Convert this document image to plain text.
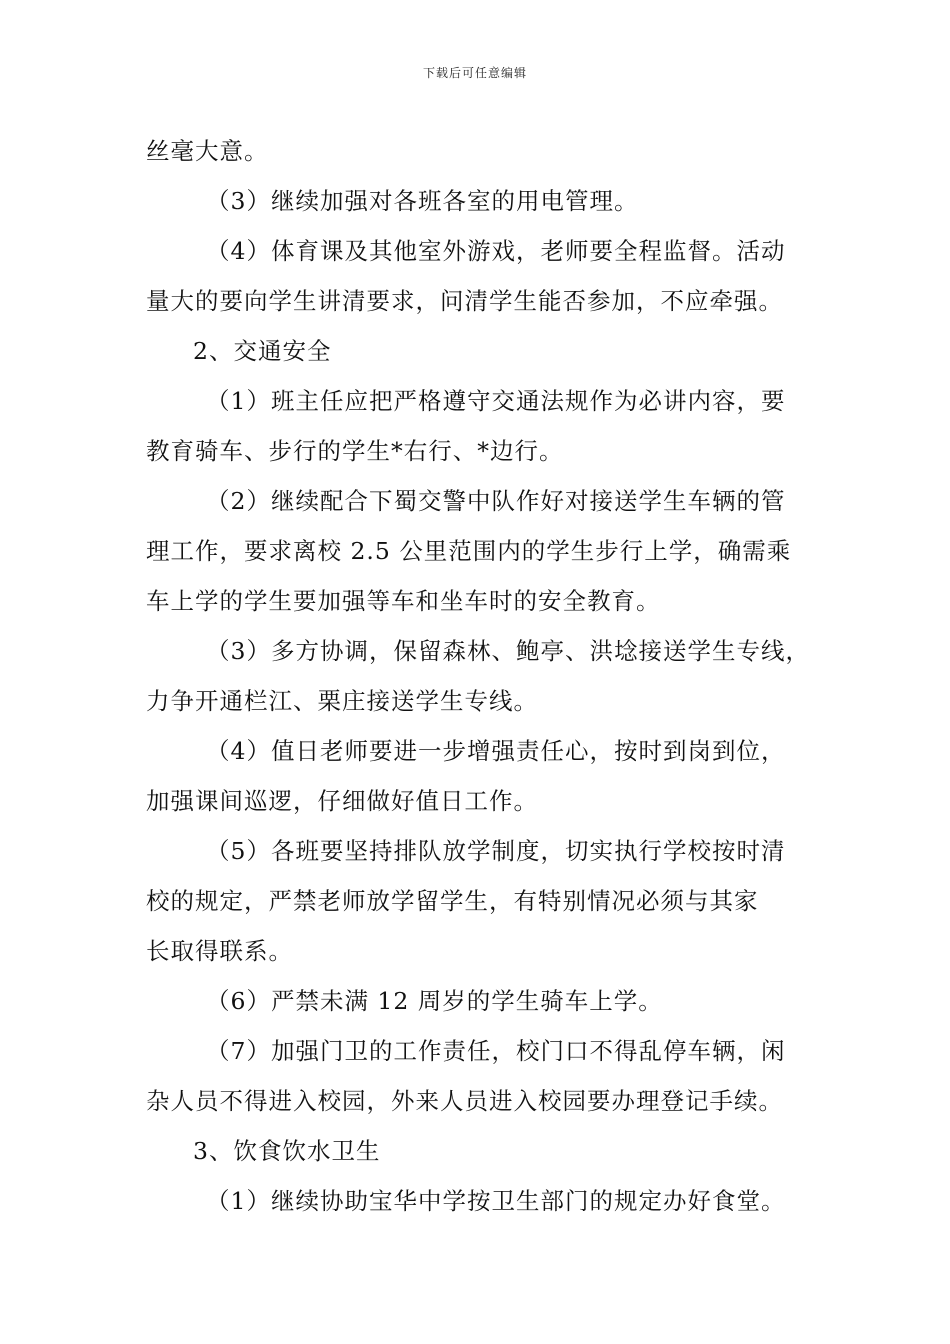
下载后可任意编辑
丝毫大意。
（3）继续加强对各班各室的用电管理。
（4）体育课及其他室外游戏，老师要全程监督。活动
量大的要向学生讲清要求，问清学生能否参加，不应牵强。
2、交通安全
（1）班主任应把严格遵守交通法规作为必讲内容，要
教育骑车、步行的学生*右行、*边行。
（2）继续配合下蜀交警中队作好对接送学生车辆的管
理工作，要求离校 2.5 公里范围内的学生步行上学，确需乘
车上学的学生要加强等车和坐车时的安全教育。
（3）多方协调，保留森林、鲍亭、洪埝接送学生专线，
力争开通栏江、栗庄接送学生专线。
（4）值日老师要进一步增强责任心，按时到岗到位，
加强课间巡逻，仔细做好值日工作。
（5）各班要坚持排队放学制度，切实执行学校按时清
校的规定，严禁老师放学留学生，有特别情况必须与其家
长取得联系。
（6）严禁未满 12 周岁的学生骑车上学。
（7）加强门卫的工作责任，校门口不得乱停车辆，闲
杂人员不得进入校园，外来人员进入校园要办理登记手续。
3、饮食饮水卫生
（1）继续协助宝华中学按卫生部门的规定办好食堂。
